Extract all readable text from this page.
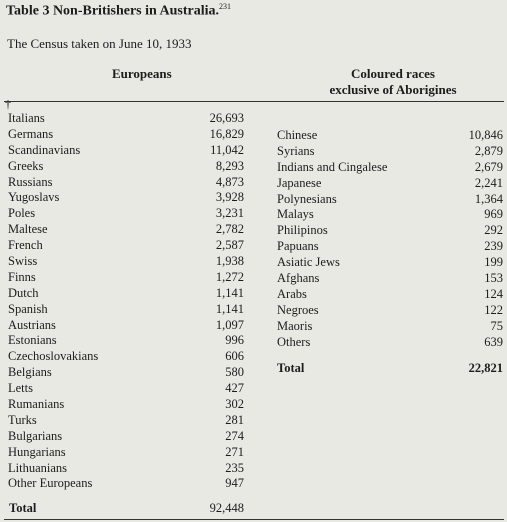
Table 3 Non-Britishers in Australia.$^{231}$
The Census taken on June 10, 1933
Europeans	Coloured races
exclusive of Aborigines
†
Italians	26,693
Germans	16,829
Scandinavians	11,042
Greeks	8,293
Russians	4,873
Yugoslavs	3,928
Poles	3,231
Maltese	2,782
French	2,587
Swiss	1,938
Finns	1,272
Dutch	1,141
Spanish	1,141
Austrians	1,097
Estonians	996
Czechoslovakians	606
Belgians	580
Letts	427
Rumanians	302
Turks	281
Bulgarians	274
Hungarians	271
Lithuanians	235
Other Europeans	947
Chinese	10,846
Syrians	2,879
Indians and Cingalese	2,679
Japanese	2,241
Polynesians	1,364
Malays	969
Philipinos	292
Papuans	239
Asiatic Jews	199
Afghans	153
Arabs	124
Negroes	122
Maoris	75
Others	639
Total	92,448
Total	22,821
